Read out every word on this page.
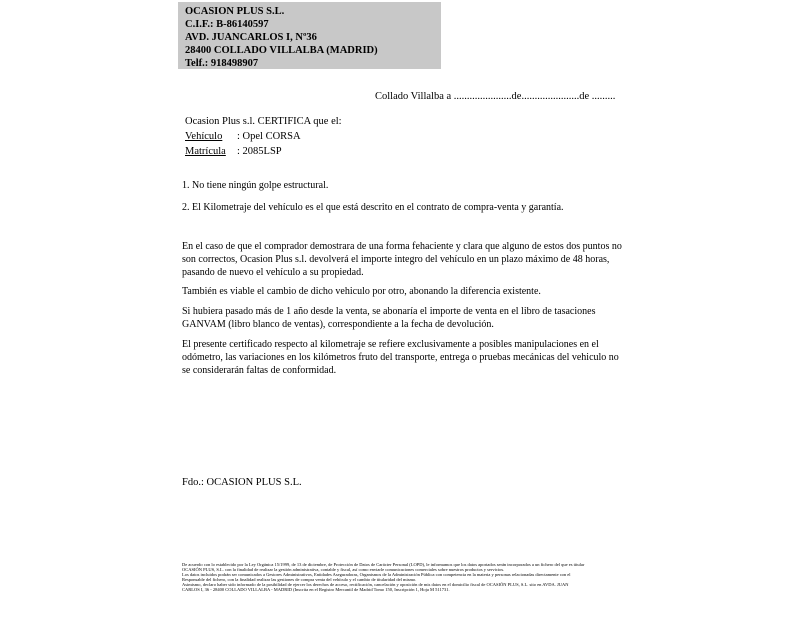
OCASION PLUS S.L.
C.I.F.: B-86140597
AVD. JUANCARLOS I, Nº36
28400 COLLADO VILLALBA (MADRID)
Telf.: 918498907
Collado Villalba a ......................de......................de .........
Ocasion Plus s.l. CERTIFICA que el:
Vehículo : Opel CORSA
Matrícula : 2085LSP
1. No tiene ningún golpe estructural.
2. El Kilometraje del vehículo es el que está descrito en el contrato de compra-venta y garantía.
En el caso de que el comprador demostrara de una forma fehaciente y clara que alguno de estos dos puntos no
son correctos, Ocasion Plus s.l. devolverá el importe integro del vehículo en un plazo máximo de 48 horas,
pasando de nuevo el vehículo a su propiedad.
También es viable el cambio de dicho vehiculo por otro, abonando la diferencia existente.
Si hubiera pasado más de 1 año desde la venta, se abonaría el importe de venta en el libro de tasaciones
GANVAM (libro blanco de ventas), correspondiente a la fecha de devolución.
El presente certificado respecto al kilometraje se refiere exclusivamente a posibles manipulaciones en el
odómetro, las variaciones en los kilómetros fruto del transporte, entrega o pruebas mecánicas del vehiculo no
se considerarán faltas de conformidad.
Fdo.: OCASION PLUS S.L.
De acuerdo con lo establecido por la Ley Orgánica 15/1999, de 13 de diciembre, de Protección de Datos de Carácter Personal (LOPD), le informamos que los datos aportados serán incorporados a un fichero del que es titular
OCASIÓN PLUS, S.L. con la finalidad de realizar la gestión administrativa, contable y fiscal, así como enviarle comunicaciones comerciales sobre nuestros productos y servicios.
Los datos incluidos podrán ser comunicados a Gestores Administrativos, Entidades Aseguradoras, Organismos de la Administración Pública con competencia en la materia y personas relacionadas directamente con el
Responsable del fichero, con la finalidad realizar las gestiones de compra venta del vehículo y el cambio de titularidad del mismo.
Asimismo, declaro haber sido informado de la posibilidad de ejercer los derechos de acceso, rectificación, cancelación y oposición de mis datos en el domicilio fiscal de OCASIÓN PLUS, S.L. sito en AVDA. JUAN
CARLOS I, 36 - 28400 COLLADO VILLALBA - MADRID (Inscrita en el Registro Mercantil de Madrid Tomo 150, Inscripción 1, Hoja M 511731.
